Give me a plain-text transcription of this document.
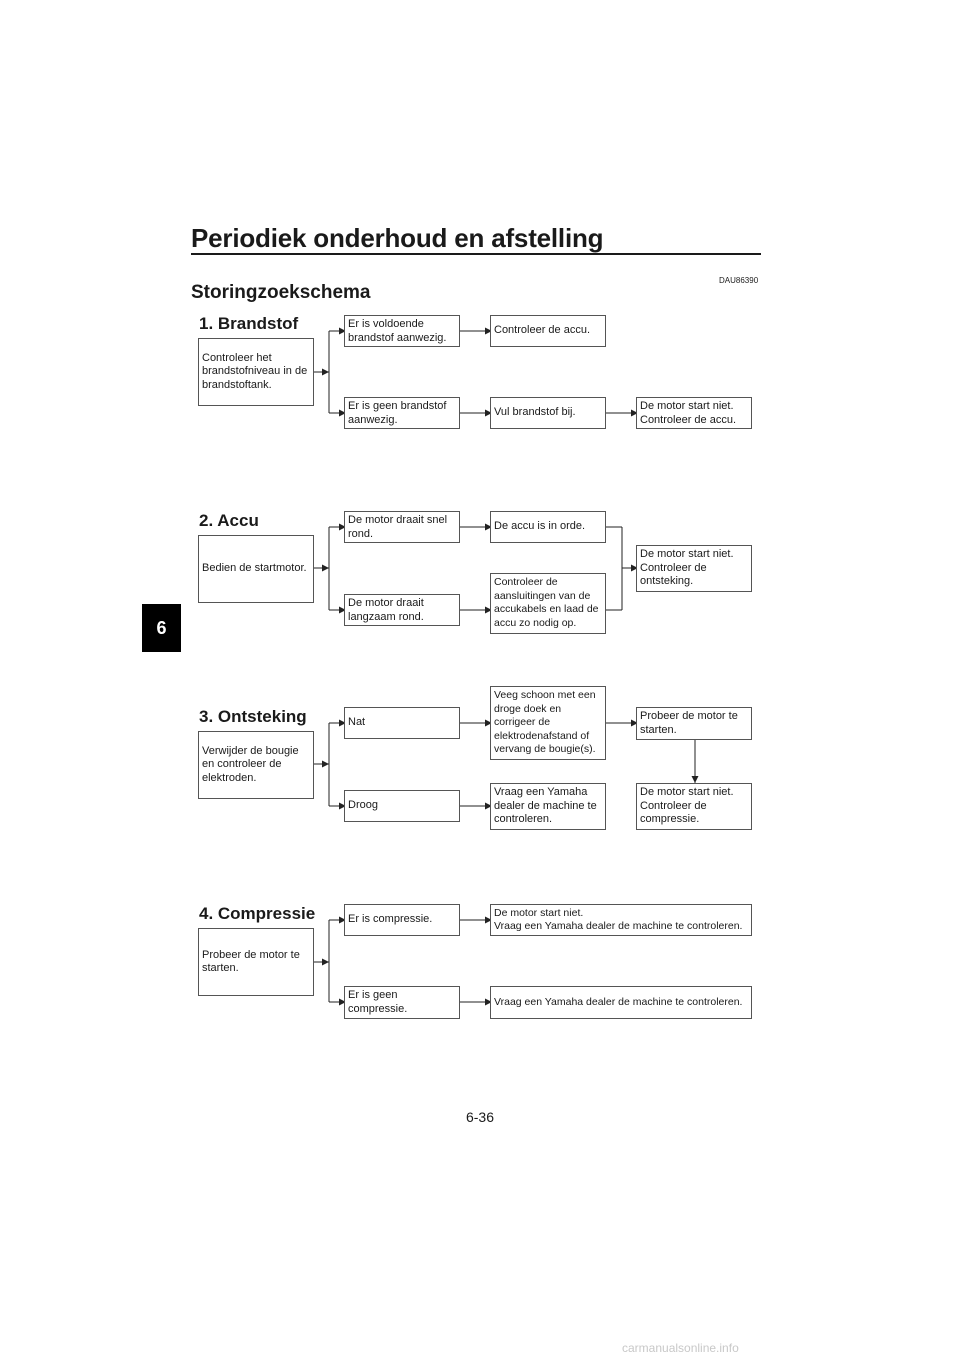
Periodiek onderhoud en afstelling
Storingzoekschema
DAU86390
6
1. Brandstof
Controleer het brandstofniveau in de brandstoftank.
Er is voldoende brandstof aanwezig.
Er is geen brandstof aanwezig.
Controleer de accu.
Vul brandstof bij.
De motor start niet. Controleer de accu.
2. Accu
Bedien de startmotor.
De motor draait snel rond.
De motor draait langzaam rond.
De accu is in orde.
Controleer de aansluitingen van de accukabels en laad de accu zo nodig op.
De motor start niet. Controleer de ontsteking.
3. Ontsteking
Verwijder de bougie en controleer de elektroden.
Nat
Droog
Veeg schoon met een droge doek en corrigeer de elektrodenafstand of vervang de bougie(s).
Vraag een Yamaha dealer de machine te controleren.
Probeer de motor te starten.
De motor start niet. Controleer de compressie.
4. Compressie
Probeer de motor te starten.
Er is compressie.
Er is geen compressie.
De motor start niet.
Vraag een Yamaha dealer de machine te controleren.
Vraag een Yamaha dealer de machine te controleren.
6-36
carmanualsonline.info
